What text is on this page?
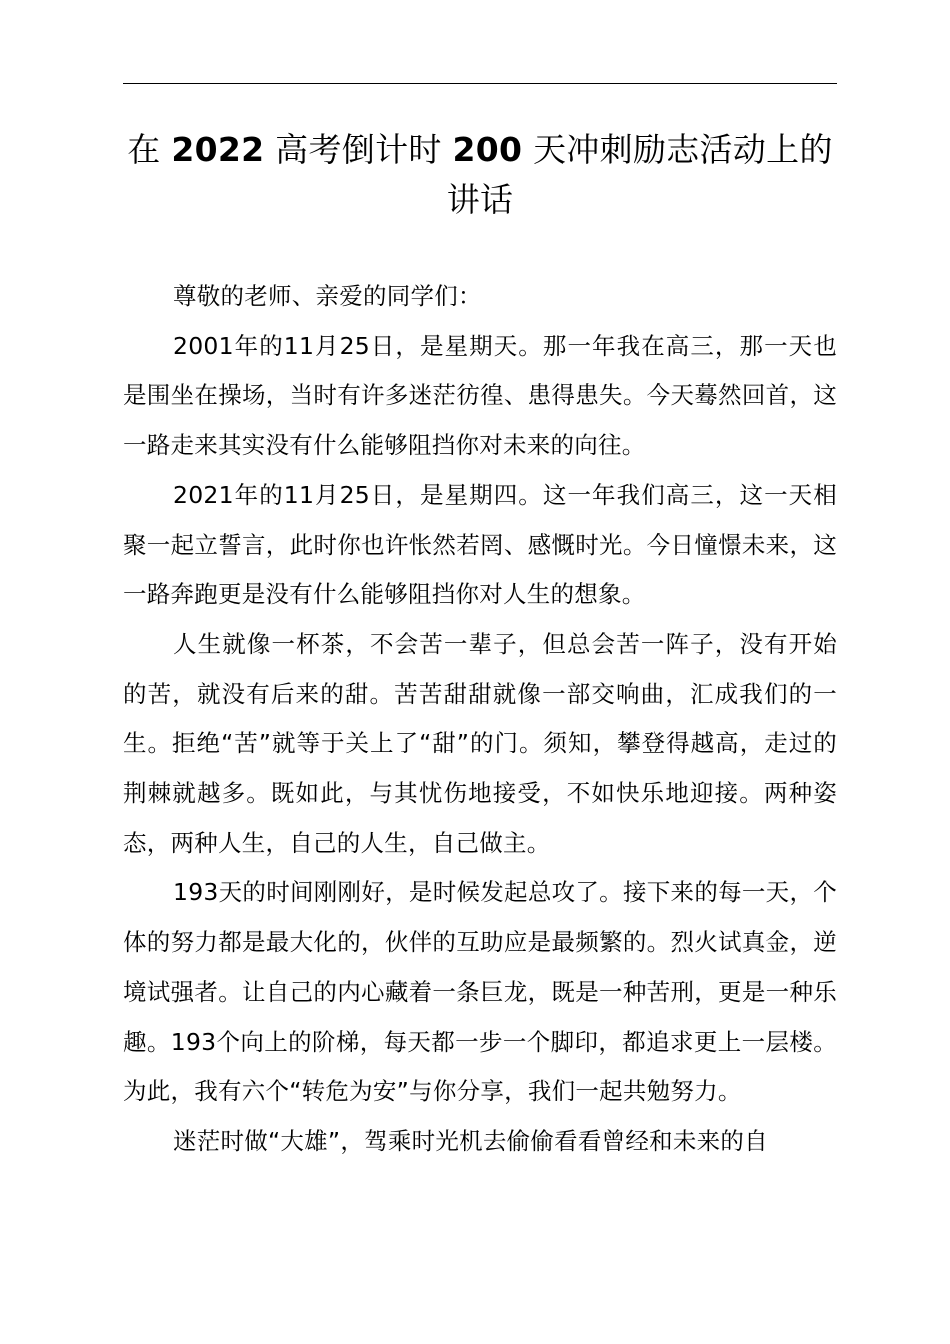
在 2022 高考倒计时 200 天冲刺励志活动上的讲话

尊敬的老师、亲爱的同学们：

2001年的11月25日，是星期天。那一年我在高三，那一天也是围坐在操场，当时有许多迷茫彷徨、患得患失。今天蓦然回首，这一路走来其实没有什么能够阻挡你对未来的向往。

2021年的11月25日，是星期四。这一年我们高三，这一天相聚一起立誓言，此时你也许怅然若罔、感慨时光。今日憧憬未来，这一路奔跑更是没有什么能够阻挡你对人生的想象。

人生就像一杯茶，不会苦一辈子，但总会苦一阵子，没有开始的苦，就没有后来的甜。苦苦甜甜就像一部交响曲，汇成我们的一生。拒绝“苦”就等于关上了“甜”的门。须知，攀登得越高，走过的荆棘就越多。既如此，与其忧伤地接受，不如快乐地迎接。两种姿态，两种人生，自己的人生，自己做主。

193天的时间刚刚好，是时候发起总攻了。接下来的每一天，个体的努力都是最大化的，伙伴的互助应是最频繁的。烈火试真金，逆境试强者。让自己的内心藏着一条巨龙，既是一种苦刑，更是一种乐趣。193个向上的阶梯，每天都一步一个脚印，都追求更上一层楼。为此，我有六个“转危为安”与你分享，我们一起共勉努力。

迷茫时做“大雄”，驾乘时光机去偷偷看看曾经和未来的自
